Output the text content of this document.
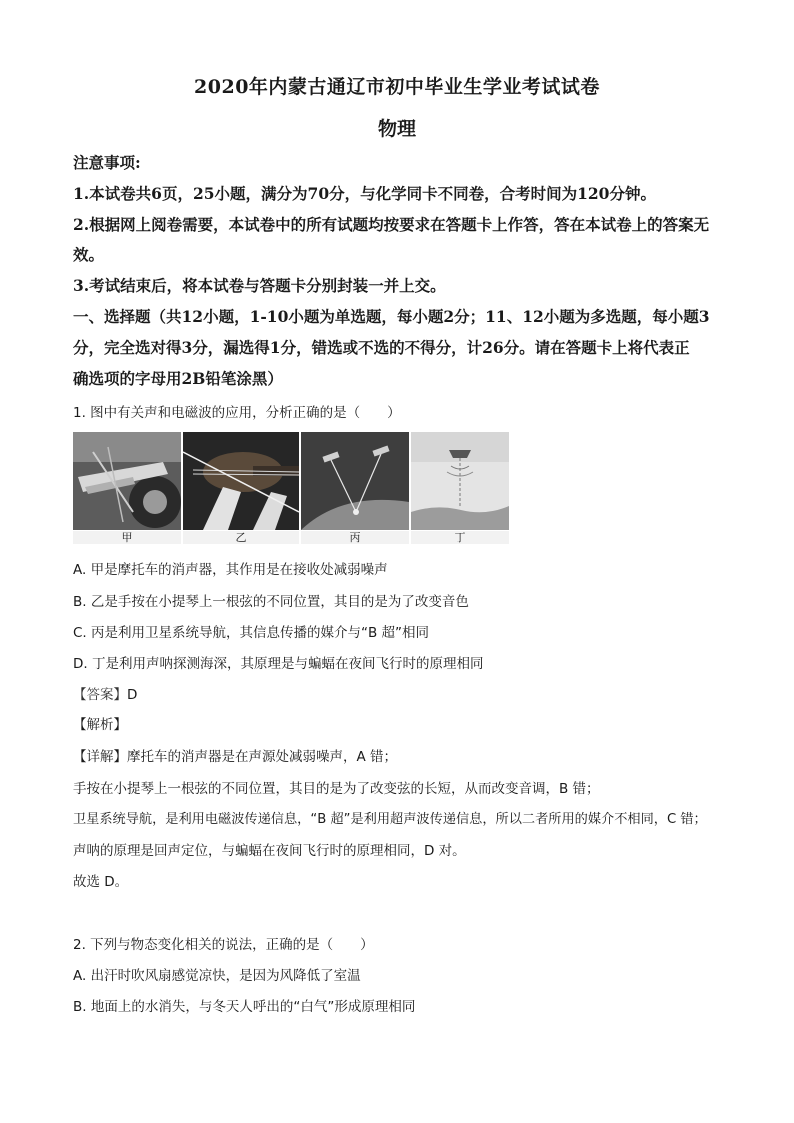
2020年内蒙古通辽市初中毕业生学业考试试卷
物理
注意事项:
1.本试卷共6页，25小题，满分为70分，与化学同卡不同卷，合考时间为120分钟。
2.根据网上阅卷需要，本试卷中的所有试题均按要求在答题卡上作答，答在本试卷上的答案无
效。
3.考试结束后，将本试卷与答题卡分别封装一并上交。
一、选择题（共12小题，1-10小题为单选题，每小题2分；11、12小题为多选题，每小题3
分，完全选对得3分，漏选得1分，错选或不选的不得分，计26分。请在答题卡上将代表正
确选项的字母用2B铅笔涂黑）
1. 图中有关声和电磁波的应用，分析正确的是（　　）
甲	乙	丙	丁
A. 甲是摩托车的消声器，其作用是在接收处减弱噪声
B. 乙是手按在小提琴上一根弦的不同位置，其目的是为了改变音色
C. 丙是利用卫星系统导航，其信息传播的媒介与“B 超”相同
D. 丁是利用声呐探测海深，其原理是与蝙蝠在夜间飞行时的原理相同
【答案】D
【解析】
【详解】摩托车的消声器是在声源处减弱噪声，A 错；
手按在小提琴上一根弦的不同位置，其目的是为了改变弦的长短，从而改变音调，B 错；
卫星系统导航，是利用电磁波传递信息，“B 超”是利用超声波传递信息，所以二者所用的媒介不相同，C 错；
声呐的原理是回声定位，与蝙蝠在夜间飞行时的原理相同，D 对。
故选 D。
2. 下列与物态变化相关的说法，正确的是（　　）
A. 出汗时吹风扇感觉凉快，是因为风降低了室温
B. 地面上的水消失，与冬天人呼出的“白气”形成原理相同
